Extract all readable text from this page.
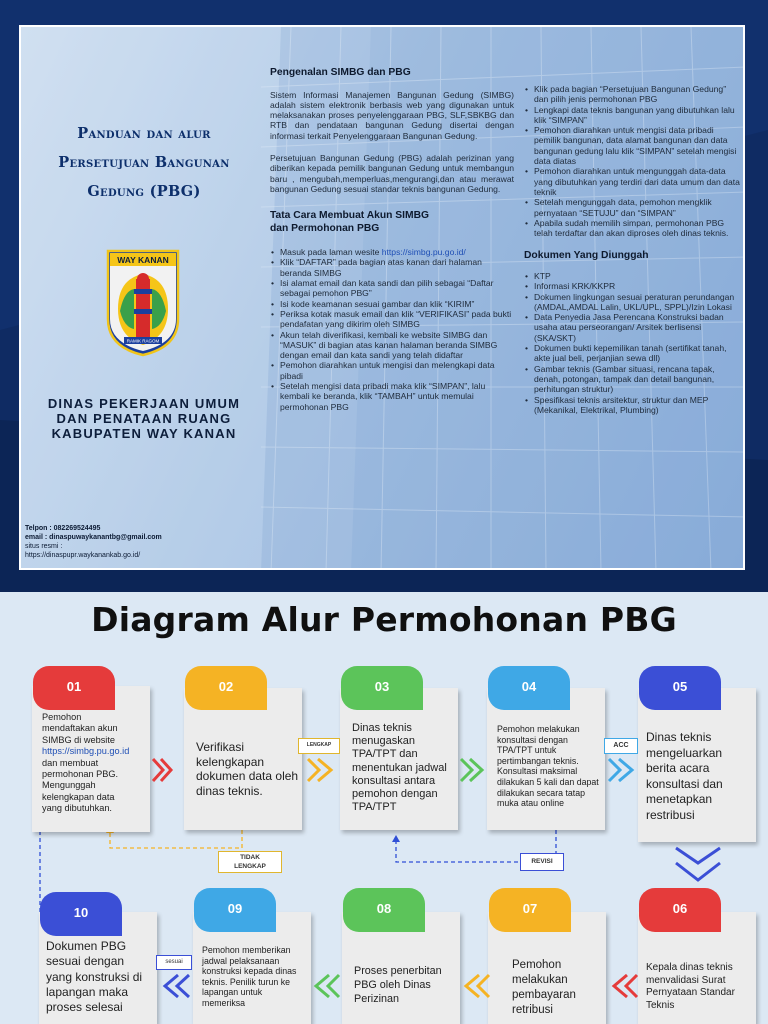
Panduan dan alur
Persetujuan Bangunan
Gedung (PBG)
WAY KANAN
RAMIK RAGOM
DINAS PEKERJAAN UMUM
DAN PENATAAN RUANG
KABUPATEN WAY KANAN
Telpon : 082269524495
email : dinaspuwaykanantbg@gmail.com
situs resmi :
https://dinaspupr.waykanankab.go.id/
Pengenalan SIMBG dan PBG

Sistem Informasi Manajemen Bangunan Gedung (SIMBG) adalah sistem elektronik berbasis web yang digunakan untuk melaksanakan proses penyelenggaraan PBG, SLF,SBKBG dan RTB dan pendataan bangunan Gedung disertai dengan informasi terkait Penyelenggaraan Bangunan Gedung.

Persetujuan Bangunan Gedung (PBG) adalah perizinan yang diberikan kepada pemilik bangunan Gedung untuk membangun baru , mengubah,memperluas,mengurangi,dan atau merawat bangunan Gedung sesuai standar teknis bangunan Gedung.

Tata Cara Membuat Akun SIMBG
dan Permohonan PBG
• Masuk pada laman wesite https://simbg.pu.go.id/
• Klik “DAFTAR” pada bagian atas kanan dari halaman beranda SIMBG
• Isi alamat email dan kata sandi dan pilih sebagai “Daftar sebagai pemohon PBG”
• Isi kode keamanan sesuai gambar dan klik “KIRIM”
• Periksa kotak masuk email dan klik “VERIFIKASI” pada bukti pendafatan yang dikirim oleh SIMBG
• Akun telah diverifikasi, kembali ke website SIMBG dan “MASUK” di bagian atas kanan halaman beranda SIMBG dengan email dan kata sandi yang telah didaftar
• Pemohon diarahkan untuk mengisi dan melengkapi data pibadi
• Setelah mengisi data pribadi maka klik “SIMPAN”, lalu kembali ke beranda, klik “TAMBAH” untuk memulai permohonan PBG
• Klik pada bagian “Persetujuan Bangunan Gedung” dan pilih jenis permohonan PBG
• Lengkapi data teknis bangunan yang dibutuhkan lalu klik “SIMPAN”
• Pemohon diarahkan untuk mengisi data pribadi pemilik bangunan, data alamat bangunan dan data bangunan gedung lalu klik “SIMPAN” setelah mengisi data diatas
• Pemohon diarahkan untuk mengunggah data-data yang dibutuhkan yang terdiri dari data umum dan data teknik
• Setelah mengunggah data, pemohon mengklik pernyataan “SETUJU” dan “SIMPAN”
• Apabila sudah memilih simpan, permohonan PBG telah terdaftar dan akan diproses oleh dinas teknis.
Dokumen Yang Diunggah
• KTP
• Informasi KRK/KKPR
• Dokumen lingkungan sesuai peraturan perundangan (AMDAL,AMDAL Lalin, UKL/UPL, SPPL)/Izin Lokasi
• Data Penyedia Jasa Perencana Konstruksi badan usaha atau perseorangan/ Arsitek berlisensi (SKA/SKT)
• Dokumen bukti kepemilikan tanah (sertifikat tanah, akte jual beli, perjanjian sewa dll)
• Gambar teknis (Gambar situasi, rencana tapak, denah, potongan, tampak dan detail bangunan, perhitungan struktur)
• Spesifikasi teknis arsitektur, struktur dan MEP (Mekanikal, Elektrikal, Plumbing)
Diagram Alur Permohonan PBG
01
Pemohon
mendaftakan akun
SIMBG di website https://simbg.pu.go.id
dan membuat
permohonan PBG.
Mengunggah
kelengkapan data
yang dibutuhkan.
02
Verifikasi kelengkapan dokumen data oleh dinas teknis.
03
Dinas teknis menugaskan TPA/TPT dan menentukan jadwal konsultasi antara pemohon dengan TPA/TPT
04
Pemohon melakukan konsultasi dengan TPA/TPT untuk pertimbangan teknis. Konsultasi maksimal dilakukan 5 kali dan dapat dilakukan secara tatap muka atau online
05
Dinas teknis mengeluarkan berita acara konsultasi dan menetapkan restribusi
06
Kepala dinas teknis menvalidasi Surat Pernyataan Standar Teknis
07
Pemohon melakukan pembayaran retribusi
08
Proses penerbitan PBG oleh Dinas Perizinan
09
Pemohon memberikan jadwal pelaksanaan konstruksi kepada dinas teknis. Penilik turun ke lapangan untuk memeriksa
10
Dokumen PBG sesuai dengan yang konstruksi di lapangan maka proses selesai
LENGKAP	ACC
TIDAK
LENGKAP
REVISI
sesuai
